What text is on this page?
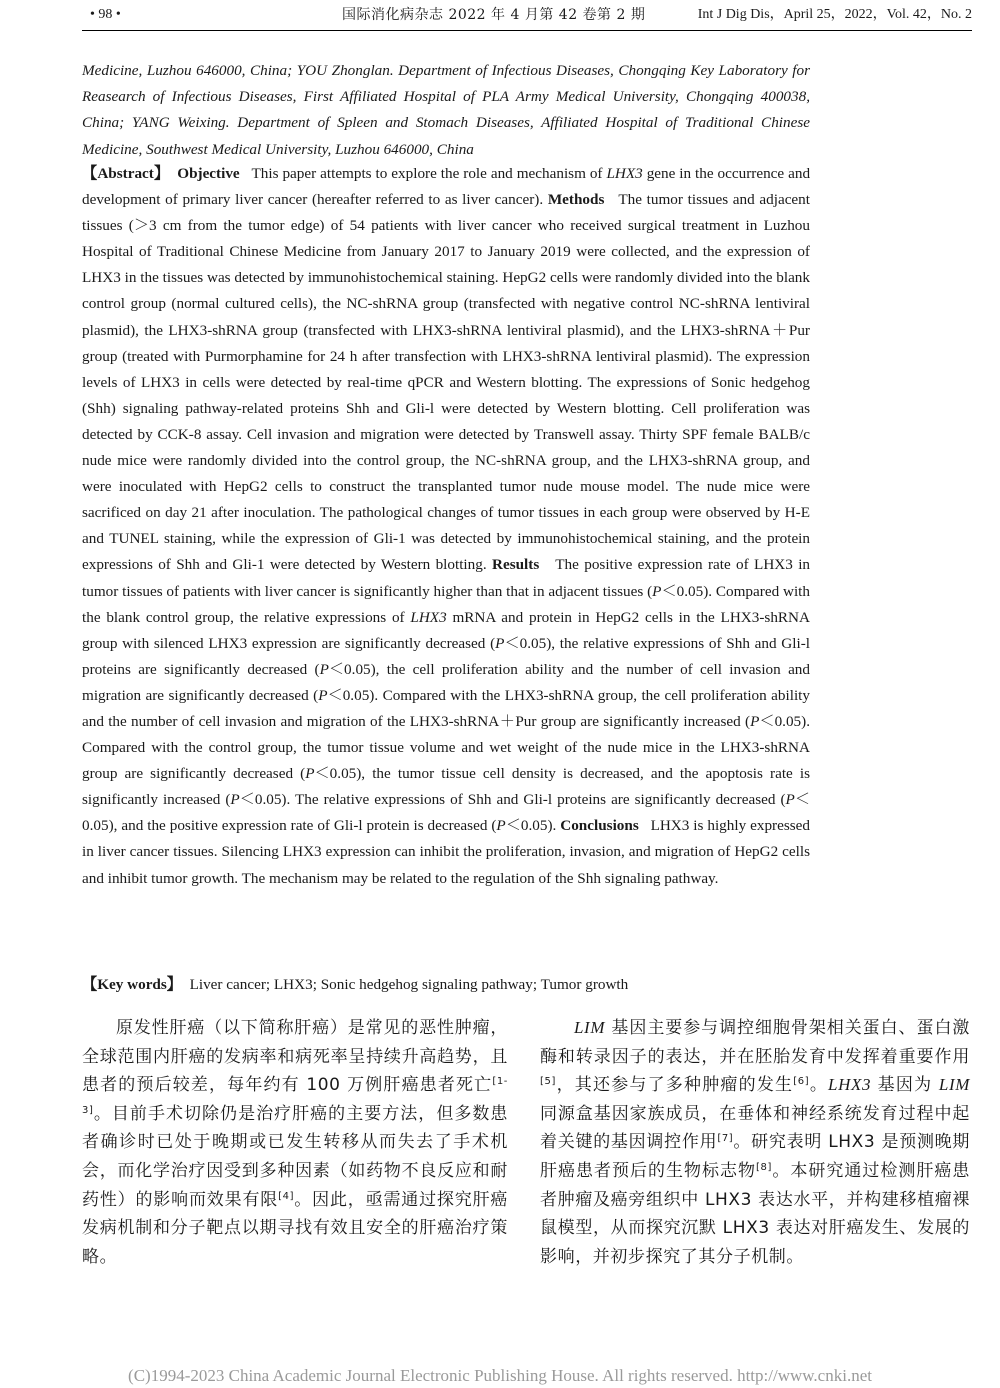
• 98 •	国际消化病杂志 2022 年 4 月第 42 卷第 2 期	Int J Dig Dis，April 25，2022，Vol. 42，No. 2
Medicine, Luzhou 646000, China; YOU Zhonglan. Department of Infectious Diseases, Chongqing Key Laboratory for Reasearch of Infectious Diseases, First Affiliated Hospital of PLA Army Medical University, Chongqing 400038, China; YANG Weixing. Department of Spleen and Stomach Diseases, Affiliated Hospital of Traditional Chinese Medicine, Southwest Medical University, Luzhou 646000, China
【Abstract】 Objective This paper attempts to explore the role and mechanism of LHX3 gene in the occurrence and development of primary liver cancer (hereafter referred to as liver cancer). Methods The tumor tissues and adjacent tissues (＞3 cm from the tumor edge) of 54 patients with liver cancer who received surgical treatment in Luzhou Hospital of Traditional Chinese Medicine from January 2017 to January 2019 were collected, and the expression of LHX3 in the tissues was detected by immunohistochemical staining. HepG2 cells were randomly divided into the blank control group (normal cultured cells), the NC-shRNA group (transfected with negative control NC-shRNA lentiviral plasmid), the LHX3-shRNA group (transfected with LHX3-shRNA lentiviral plasmid), and the LHX3-shRNA＋Pur group (treated with Purmorphamine for 24 h after transfection with LHX3-shRNA lentiviral plasmid). The expression levels of LHX3 in cells were detected by real-time qPCR and Western blotting. The expressions of Sonic hedgehog (Shh) signaling pathway-related proteins Shh and Gli-l were detected by Western blotting. Cell proliferation was detected by CCK-8 assay. Cell invasion and migration were detected by Transwell assay. Thirty SPF female BALB/c nude mice were randomly divided into the control group, the NC-shRNA group, and the LHX3-shRNA group, and were inoculated with HepG2 cells to construct the transplanted tumor nude mouse model. The nude mice were sacrificed on day 21 after inoculation. The pathological changes of tumor tissues in each group were observed by H-E and TUNEL staining, while the expression of Gli-1 was detected by immunohistochemical staining, and the protein expressions of Shh and Gli-1 were detected by Western blotting. Results The positive expression rate of LHX3 in tumor tissues of patients with liver cancer is significantly higher than that in adjacent tissues (P＜0.05). Compared with the blank control group, the relative expressions of LHX3 mRNA and protein in HepG2 cells in the LHX3-shRNA group with silenced LHX3 expression are significantly decreased (P＜0.05), the relative expressions of Shh and Gli-l proteins are significantly decreased (P＜0.05), the cell proliferation ability and the number of cell invasion and migration are significantly decreased (P＜0.05). Compared with the LHX3-shRNA group, the cell proliferation ability and the number of cell invasion and migration of the LHX3-shRNA＋Pur group are significantly increased (P＜0.05). Compared with the control group, the tumor tissue volume and wet weight of the nude mice in the LHX3-shRNA group are significantly decreased (P＜0.05), the tumor tissue cell density is decreased, and the apoptosis rate is significantly increased (P＜0.05). The relative expressions of Shh and Gli-l proteins are significantly decreased (P＜0.05), and the positive expression rate of Gli-l protein is decreased (P＜0.05). Conclusions LHX3 is highly expressed in liver cancer tissues. Silencing LHX3 expression can inhibit the proliferation, invasion, and migration of HepG2 cells and inhibit tumor growth. The mechanism may be related to the regulation of the Shh signaling pathway.
【Key words】 Liver cancer; LHX3; Sonic hedgehog signaling pathway; Tumor growth

原发性肝癌（以下简称肝癌）是常见的恶性肿瘤，全球范围内肝癌的发病率和病死率呈持续升高趋势，且患者的预后较差，每年约有 100 万例肝癌患者死亡[1-3]。目前手术切除仍是治疗肝癌的主要方法，但多数患者确诊时已处于晚期或已发生转移从而失去了手术机会，而化学治疗因受到多种因素（如药物不良反应和耐药性）的影响而效果有限[4]。因此，亟需通过探究肝癌发病机制和分子靶点以期寻找有效且安全的肝癌治疗策略。

LIM 基因主要参与调控细胞骨架相关蛋白、蛋白激酶和转录因子的表达，并在胚胎发育中发挥着重要作用[5]，其还参与了多种肿瘤的发生[6]。LHX3 基因为 LIM 同源盒基因家族成员，在垂体和神经系统发育过程中起着关键的基因调控作用[7]。研究表明 LHX3 是预测晚期肝癌患者预后的生物标志物[8]。本研究通过检测肝癌患者肿瘤及癌旁组织中 LHX3 表达水平，并构建移植瘤裸鼠模型，从而探究沉默 LHX3 表达对肝癌发生、发展的影响，并初步探究了其分子机制。

(C)1994-2023 China Academic Journal Electronic Publishing House. All rights reserved. http://www.cnki.net
